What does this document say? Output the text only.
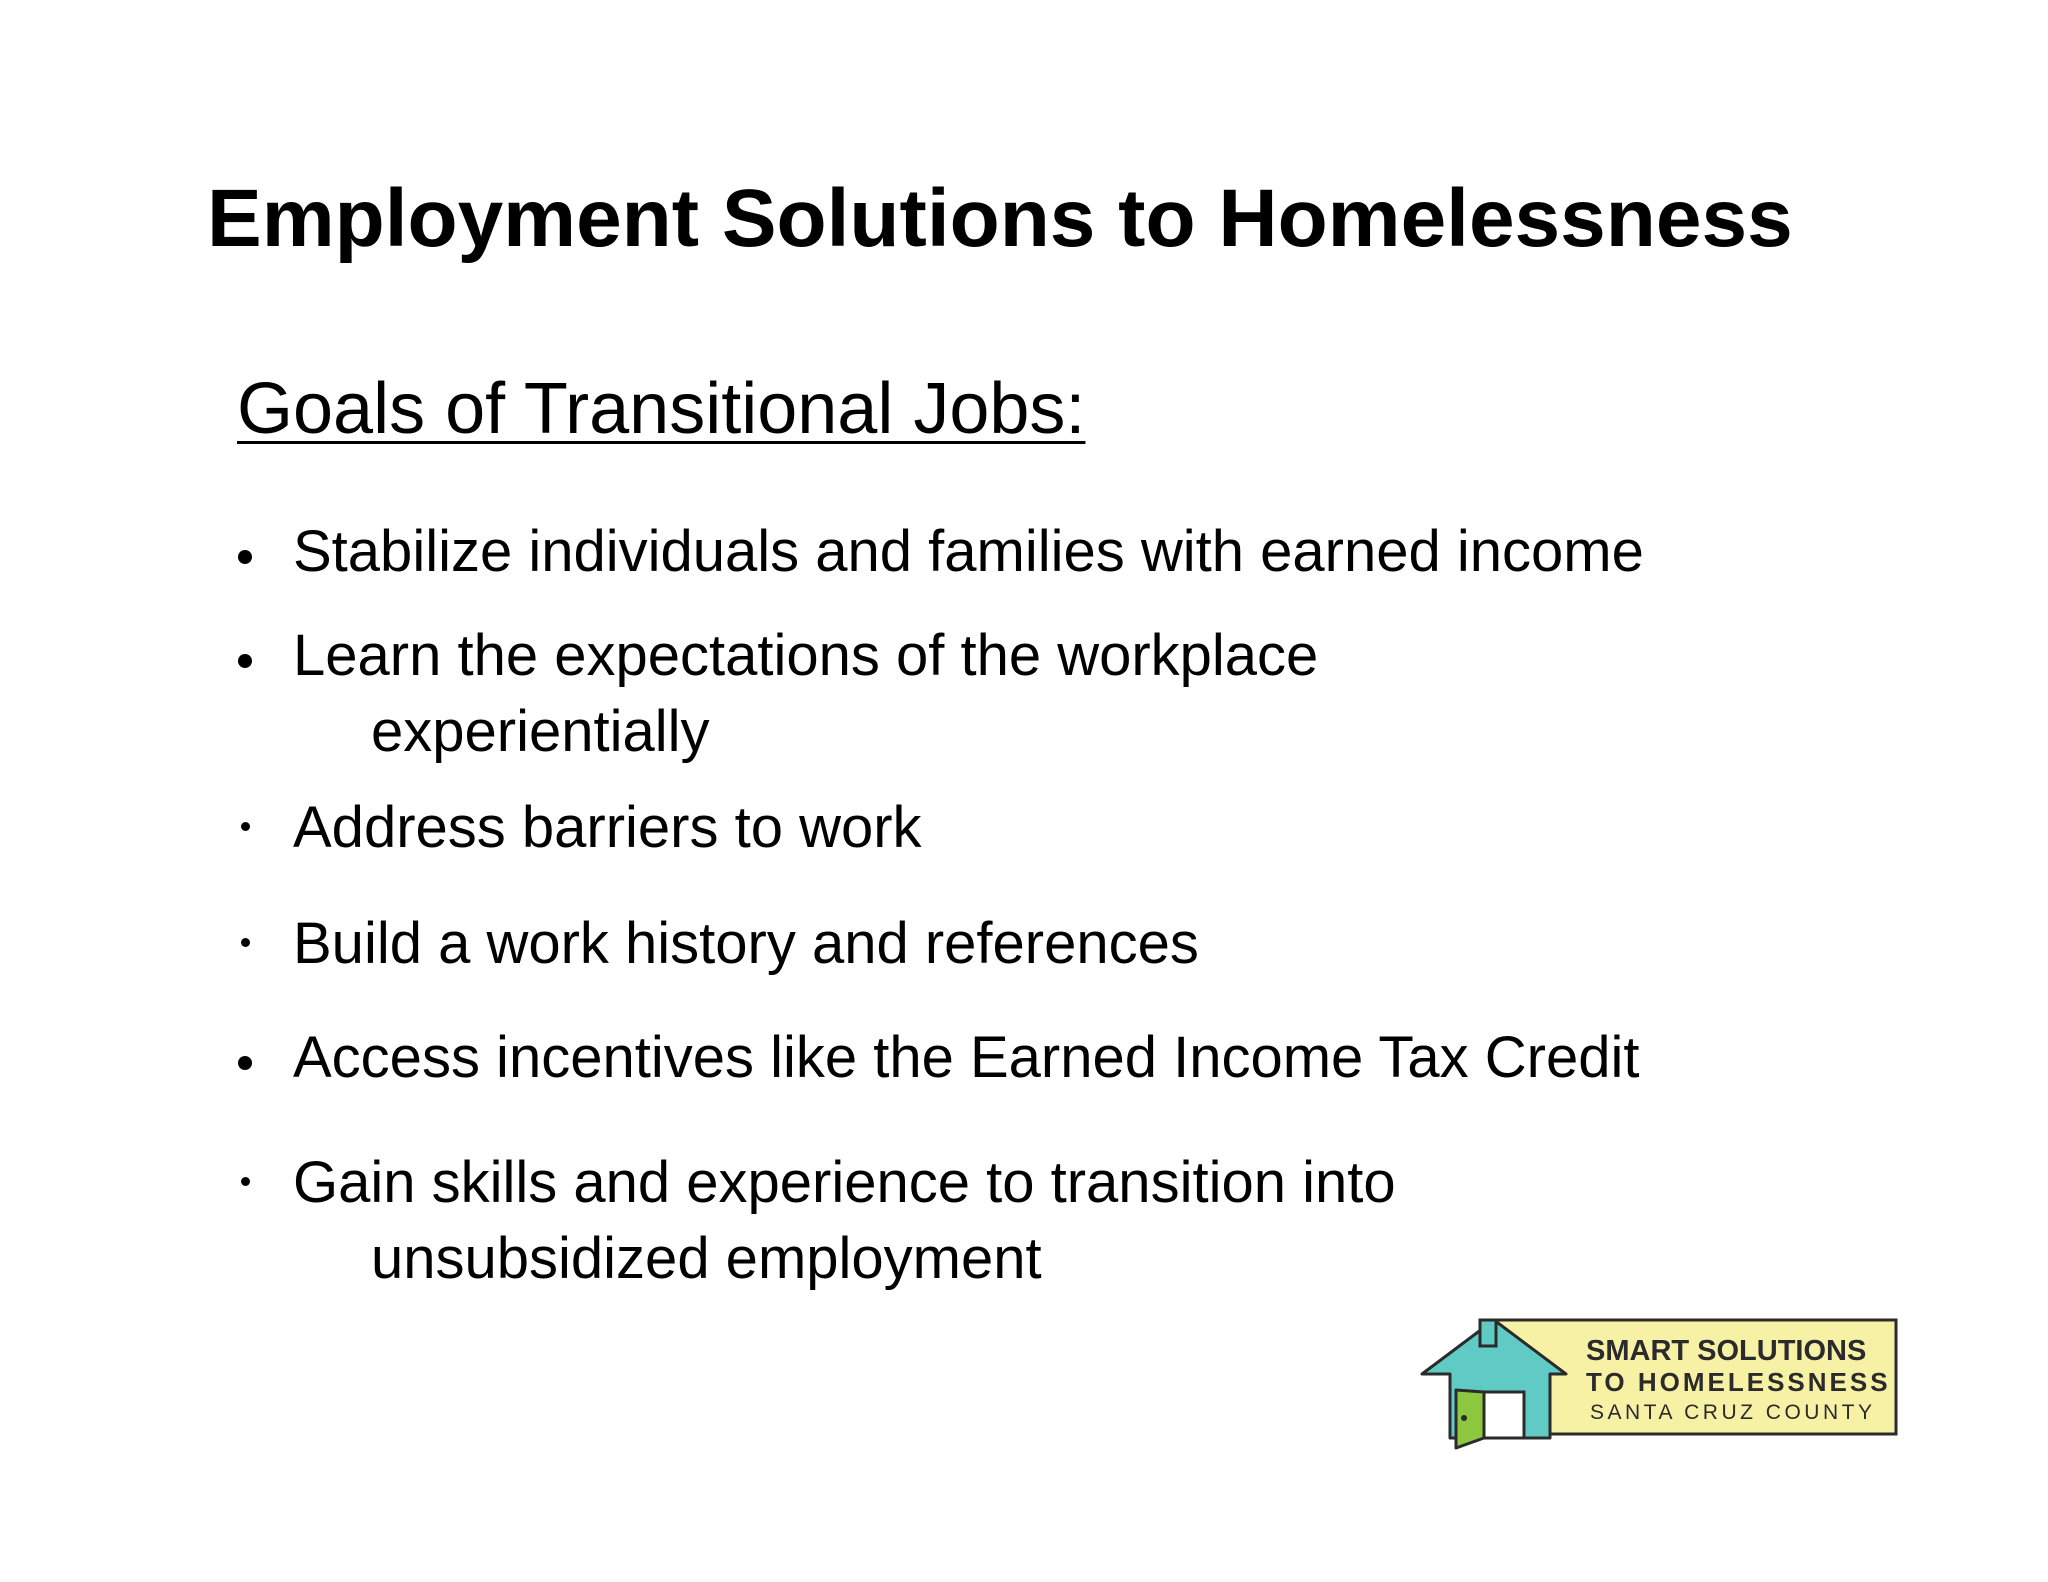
Employment Solutions to Homelessness
Goals of Transitional Jobs:
Stabilize individuals and families with earned income
Learn the expectations of the workplace
experientially
Address barriers to work
Build a work history and references
Access incentives like the Earned Income Tax Credit
Gain skills and experience to transition into
unsubsidized employment
SMART SOLUTIONS
TO HOMELESSNESS
SANTA CRUZ COUNTY
